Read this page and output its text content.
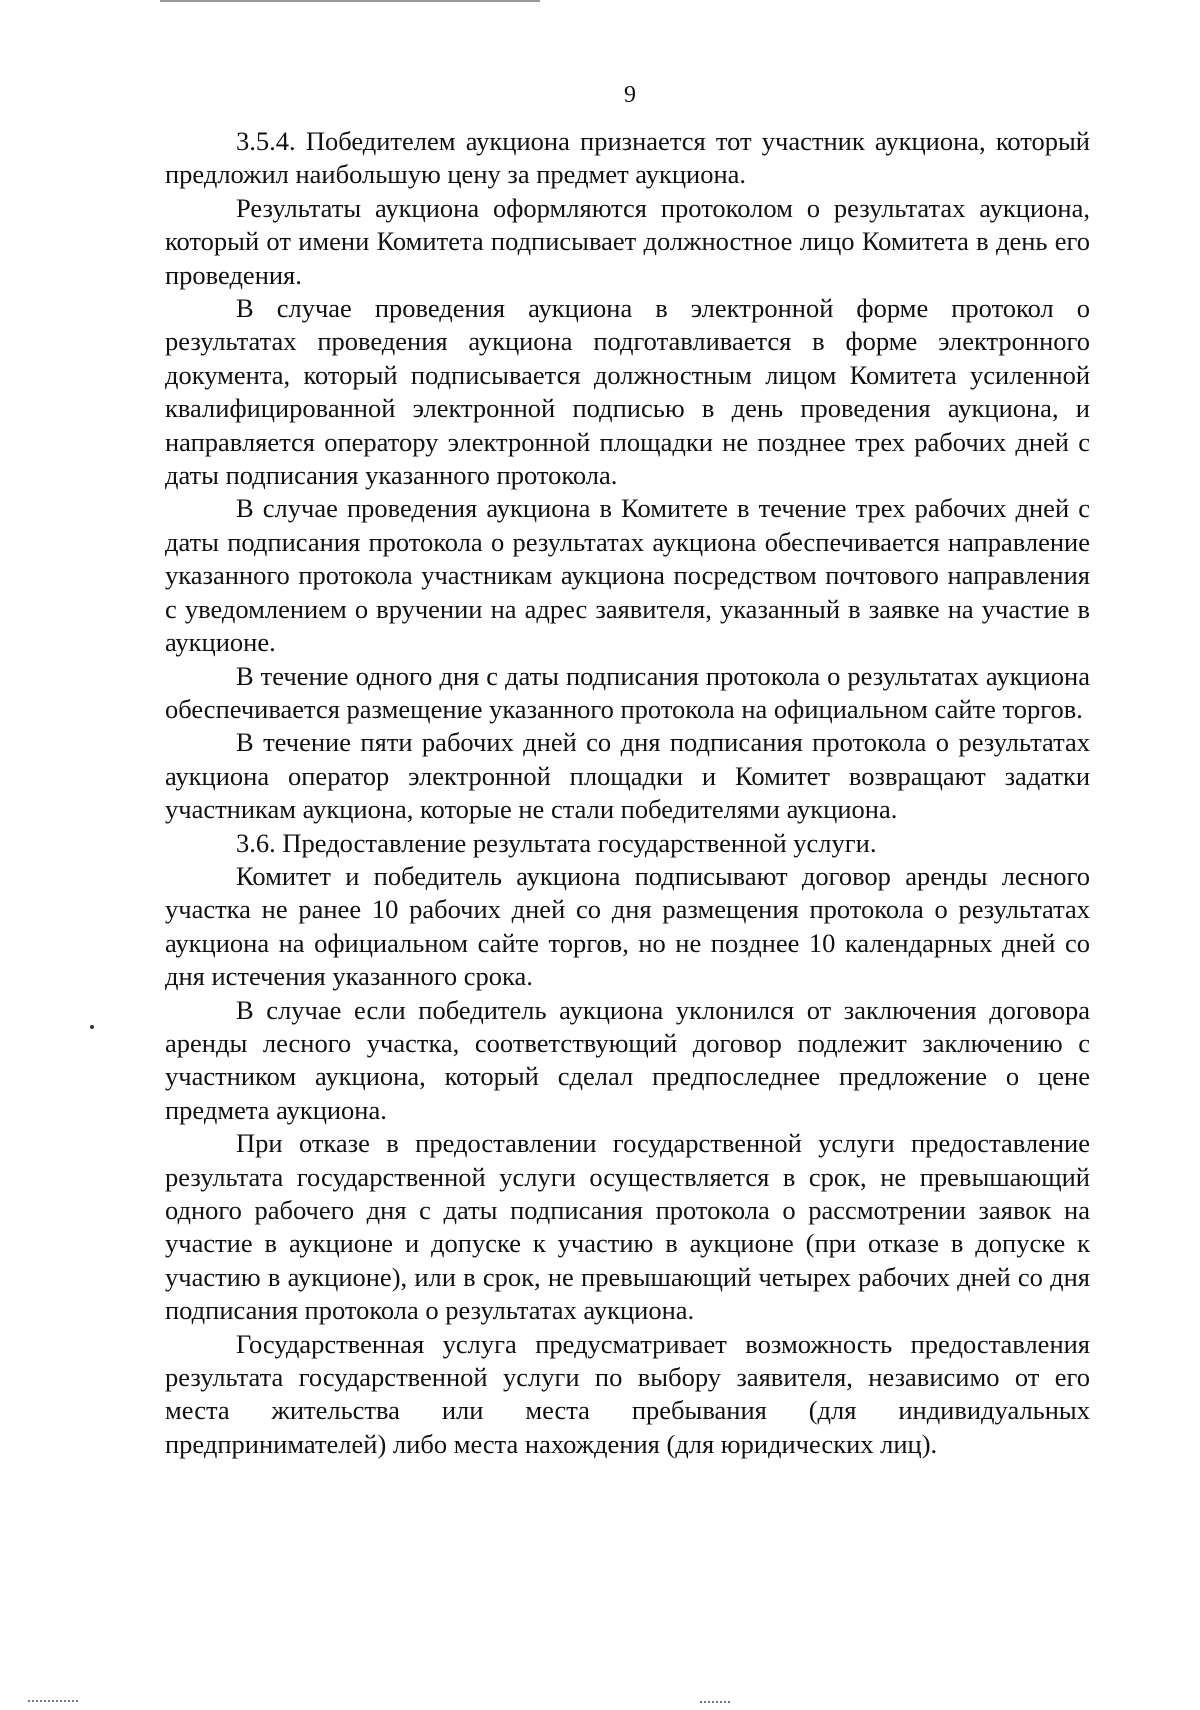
9

3.5.4. Победителем аукциона признается тот участник аукциона, который предложил наибольшую цену за предмет аукциона.

Результаты аукциона оформляются протоколом о результатах аукциона, который от имени Комитета подписывает должностное лицо Комитета в день его проведения.

В случае проведения аукциона в электронной форме протокол о результатах проведения аукциона подготавливается в форме электронного документа, который подписывается должностным лицом Комитета усиленной квалифицированной электронной подписью в день проведения аукциона, и направляется оператору электронной площадки не позднее трех рабочих дней с даты подписания указанного протокола.

В случае проведения аукциона в Комитете в течение трех рабочих дней с даты подписания протокола о результатах аукциона обеспечивается направление указанного протокола участникам аукциона посредством почтового направления с уведомлением о вручении на адрес заявителя, указанный в заявке на участие в аукционе.

В течение одного дня с даты подписания протокола о результатах аукциона обеспечивается размещение указанного протокола на официальном сайте торгов.

В течение пяти рабочих дней со дня подписания протокола о результатах аукциона оператор электронной площадки и Комитет возвращают задатки участникам аукциона, которые не стали победителями аукциона.

3.6. Предоставление результата государственной услуги.

Комитет и победитель аукциона подписывают договор аренды лесного участка не ранее 10 рабочих дней со дня размещения протокола о результатах аукциона на официальном сайте торгов, но не позднее 10 календарных дней со дня истечения указанного срока.

В случае если победитель аукциона уклонился от заключения договора аренды лесного участка, соответствующий договор подлежит заключению с участником аукциона, который сделал предпоследнее предложение о цене предмета аукциона.

При отказе в предоставлении государственной услуги предоставление результата государственной услуги осуществляется в срок, не превышающий одного рабочего дня с даты подписания протокола о рассмотрении заявок на участие в аукционе и допуске к участию в аукционе (при отказе в допуске к участию в аукционе), или в срок, не превышающий четырех рабочих дней со дня подписания протокола о результатах аукциона.

Государственная услуга предусматривает возможность предоставления результата государственной услуги по выбору заявителя, независимо от его места жительства или места пребывания (для индивидуальных предпринимателей) либо места нахождения (для юридических лиц).
